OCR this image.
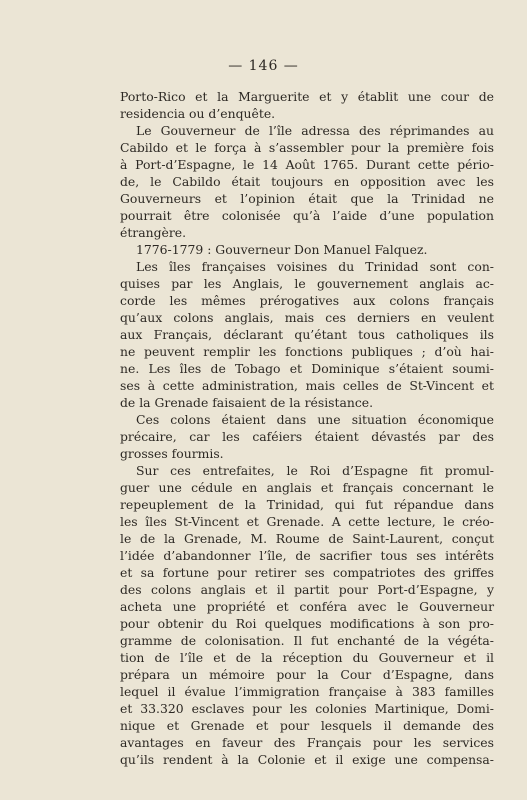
— 146 —
Porto-Rico et la Marguerite et y établit une cour de
residencia ou d’enquête.
Le Gouverneur de l’île adressa des réprimandes au
Cabildo et le força à s’assembler pour la première fois
à Port-d’Espagne, le 14 Août 1765. Durant cette pério-
de, le Cabildo était toujours en opposition avec les
Gouverneurs et l’opinion était que la Trinidad ne
pourrait être colonisée qu’à l’aide d’une population
étrangère.
1776-1779 : Gouverneur Don Manuel Falquez.
Les îles françaises voisines du Trinidad sont con-
quises par les Anglais, le gouvernement anglais ac-
corde les mêmes prérogatives aux colons français
qu’aux colons anglais, mais ces derniers en veulent
aux Français, déclarant qu’étant tous catholiques ils
ne peuvent remplir les fonctions publiques ; d’où hai-
ne. Les îles de Tobago et Dominique s’étaient soumi-
ses à cette administration, mais celles de St-Vincent et
de la Grenade faisaient de la résistance.
Ces colons étaient dans une situation économique
précaire, car les caféiers étaient dévastés par des
grosses fourmis.
Sur ces entrefaites, le Roi d’Espagne fit promul-
guer une cédule en anglais et français concernant le
repeuplement de la Trinidad, qui fut répandue dans
les îles St-Vincent et Grenade. A cette lecture, le créo-
le de la Grenade, M. Roume de Saint-Laurent, conçut
l’idée d’abandonner l’île, de sacrifier tous ses intérêts
et sa fortune pour retirer ses compatriotes des griffes
des colons anglais et il partit pour Port-d’Espagne, y
acheta une propriété et conféra avec le Gouverneur
pour obtenir du Roi quelques modifications à son pro-
gramme de colonisation. Il fut enchanté de la végéta-
tion de l’île et de la réception du Gouverneur et il
prépara un mémoire pour la Cour d’Espagne, dans
lequel il évalue l’immigration française à 383 familles
et 33.320 esclaves pour les colonies Martinique, Domi-
nique et Grenade et pour lesquels il demande des
avantages en faveur des Français pour les services
qu’ils rendent à la Colonie et il exige une compensa-
